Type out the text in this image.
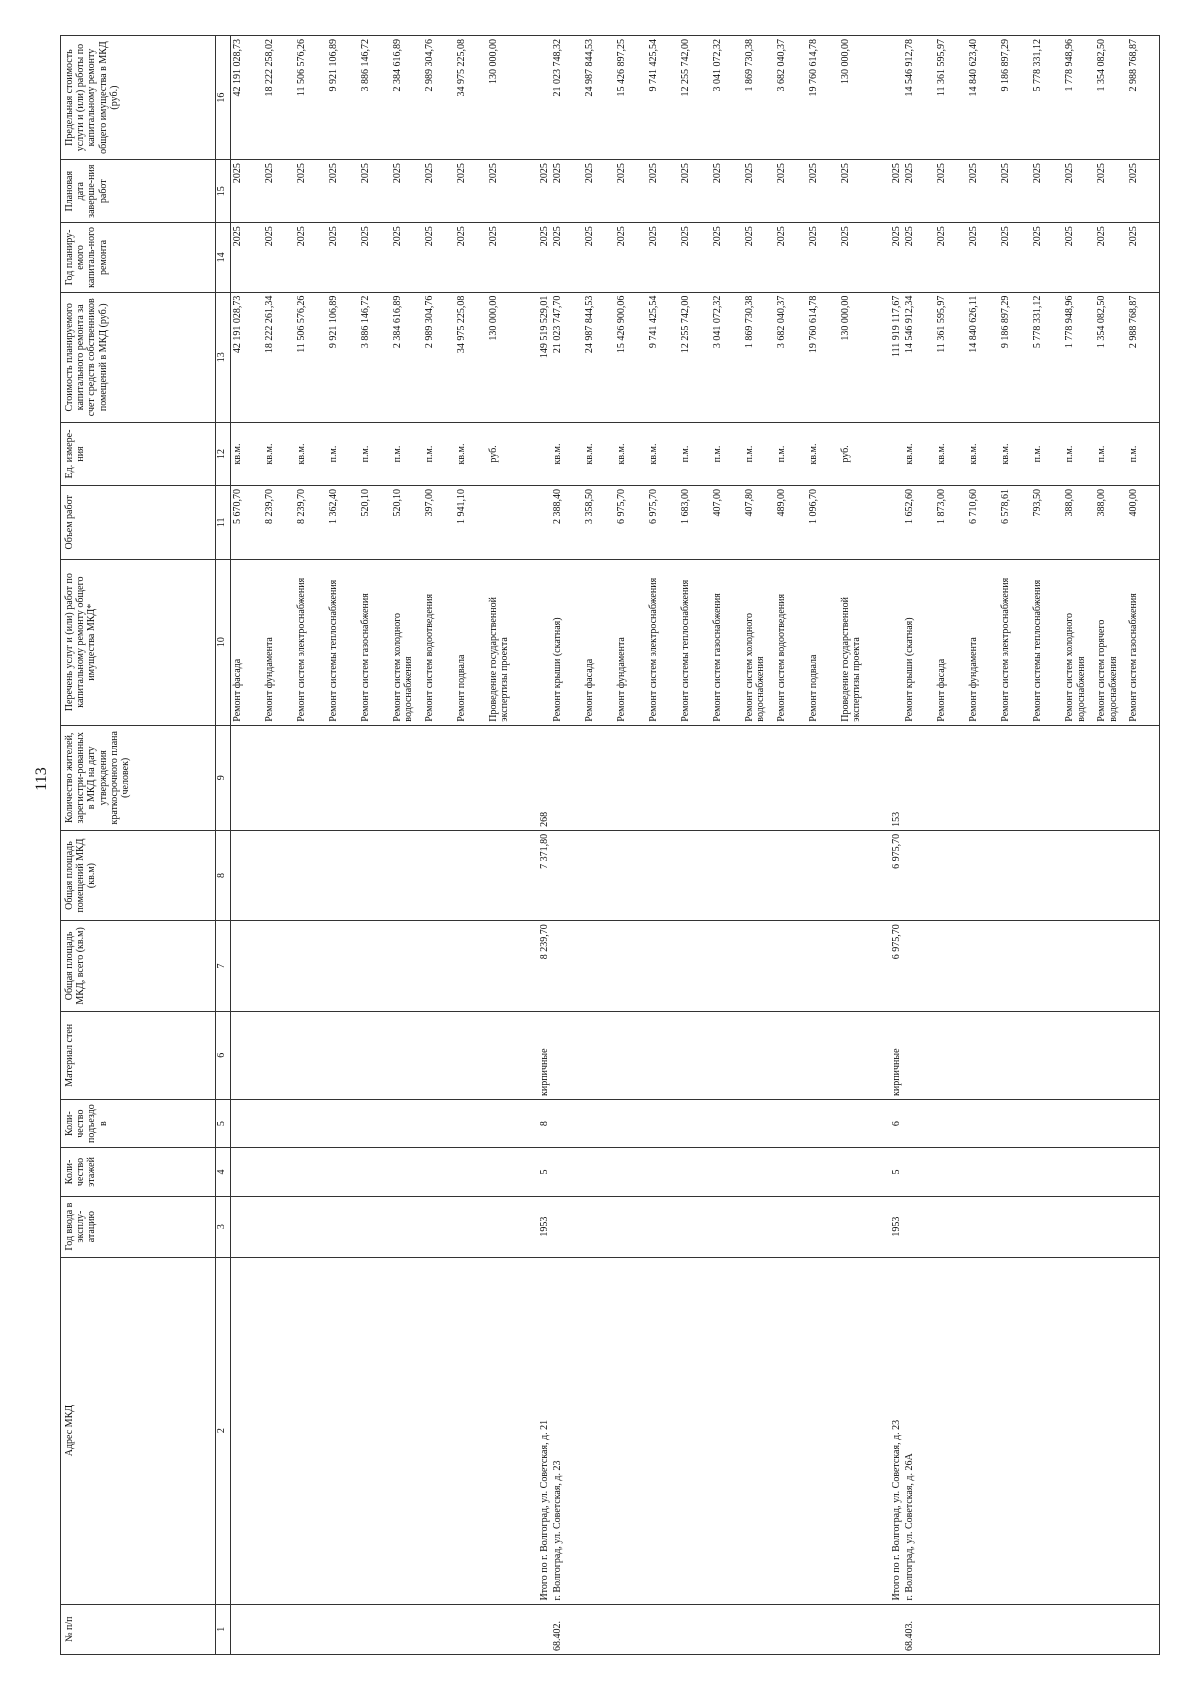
113
№ п/п	Адрес МКД	Год ввода в эксплу-атацию	Коли-чество этажей	Коли-чество подъездо в	Материал стен	Общая площадь МКД, всего (кв.м)	Общая площадь помещений МКД (кв.м)	Количество жителей, зарегистри-рованных в МКД на дату утверждения краткосрочного плана (человек)	Перечень услуг и (или) работ по капитальному ремонту общего имущества МКД*	Объем работ	Ед. измере-ния	Стоимость планируемого капитального ремонта за счет средств собственников помещений в МКД (руб.)	Год планиру-емого капиталь-ного ремонта	Плановая дата заверше-ния работ	Предельная стоимость услуги и (или) работы по капитальному ремонту общего имущества в МКД (руб.)
1	2	3	4	5	6	7	8	9	10	11	12	13	14	15	16
									Ремонт фасада	5 670,70	кв.м.	42 191 028,73	2025	2025	42 191 028,73
									Ремонт фундамента	8 239,70	кв.м.	18 222 261,34	2025	2025	18 222 258,02
									Ремонт систем электроснабжения	8 239,70	кв.м.	11 506 576,26	2025	2025	11 506 576,26
									Ремонт системы теплоснабжения	1 362,40	п.м.	9 921 106,89	2025	2025	9 921 106,89
									Ремонт систем газоснабжения	520,10	п.м.	3 886 146,72	2025	2025	3 886 146,72
									Ремонт систем холодного водоснабжения	520,10	п.м.	2 384 616,89	2025	2025	2 384 616,89
									Ремонт систем водоотведения	397,00	п.м.	2 989 304,76	2025	2025	2 989 304,76
									Ремонт подвала	1 941,10	кв.м.	34 975 225,08	2025	2025	34 975 225,08
									Проведение государственной экспертизы проекта		руб.	130 000,00	2025	2025	130 000,00
	Итого по г. Волгоград, ул. Советская, д. 21	1953	5	8	кирпичные	8 239,70	7 371,80	268				149 519 529,01	2025	2025	
68.402.	г. Волгоград, ул. Советская, д. 23								Ремонт крыши (скатная)	2 388,40	кв.м.	21 023 747,70	2025	2025	21 023 748,32
									Ремонт фасада	3 358,50	кв.м.	24 987 844,53	2025	2025	24 987 844,53
									Ремонт фундамента	6 975,70	кв.м.	15 426 900,06	2025	2025	15 426 897,25
									Ремонт систем электроснабжения	6 975,70	кв.м.	9 741 425,54	2025	2025	9 741 425,54
									Ремонт системы теплоснабжения	1 683,00	п.м.	12 255 742,00	2025	2025	12 255 742,00
									Ремонт систем газоснабжения	407,00	п.м.	3 041 072,32	2025	2025	3 041 072,32
									Ремонт систем холодного водоснабжения	407,80	п.м.	1 869 730,38	2025	2025	1 869 730,38
									Ремонт систем водоотведения	489,00	п.м.	3 682 040,37	2025	2025	3 682 040,37
									Ремонт подвала	1 096,70	кв.м.	19 760 614,78	2025	2025	19 760 614,78
									Проведение государственной экспертизы проекта		руб.	130 000,00	2025	2025	130 000,00
	Итого по г. Волгоград, ул. Советская, д. 23	1953	5	6	кирпичные	6 975,70	6 975,70	153				111 919 117,67	2025	2025	
68.403.	г. Волгоград, ул. Советская, д. 26А								Ремонт крыши (скатная)	1 652,60	кв.м.	14 546 912,34	2025	2025	14 546 912,78
									Ремонт фасада	1 873,00	кв.м.	11 361 595,97	2025	2025	11 361 595,97
									Ремонт фундамента	6 710,60	кв.м.	14 840 626,11	2025	2025	14 840 623,40
									Ремонт систем электроснабжения	6 578,61	кв.м.	9 186 897,29	2025	2025	9 186 897,29
									Ремонт системы теплоснабжения	793,50	п.м.	5 778 331,12	2025	2025	5 778 331,12
									Ремонт систем холодного водоснабжения	388,00	п.м.	1 778 948,96	2025	2025	1 778 948,96
									Ремонт систем горячего водоснабжения	388,00	п.м.	1 354 082,50	2025	2025	1 354 082,50
									Ремонт систем газоснабжения	400,00	п.м.	2 988 768,87	2025	2025	2 988 768,87
